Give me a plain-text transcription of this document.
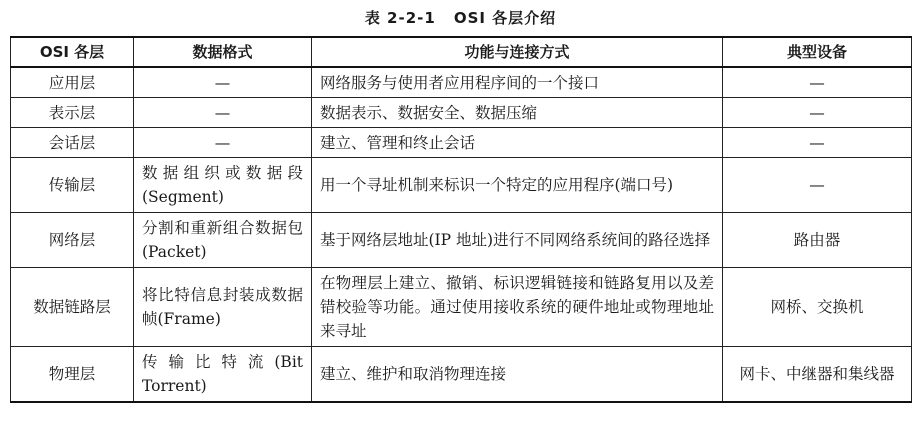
表 2-2-1 OSI 各层介绍
OSI 各层	数据格式	功能与连接方式	典型设备
应用层	—	网络服务与使用者应用程序间的一个接口	—
表示层	—	数据表示、数据安全、数据压缩	—
会话层	—	建立、管理和终止会话	—
传输层	数据组织或数据段(Segment)	用一个寻址机制来标识一个特定的应用程序(端口号)	—
网络层	分割和重新组合数据包(Packet)	基于网络层地址(IP 地址)进行不同网络系统间的路径选择	路由器
数据链路层	将比特信息封装成数据帧(Frame)	在物理层上建立、撤销、标识逻辑链接和链路复用以及差错校验等功能。通过使用接收系统的硬件地址或物理地址来寻址	网桥、交换机
物理层	传输比特流(Bit Torrent)	建立、维护和取消物理连接	网卡、中继器和集线器
